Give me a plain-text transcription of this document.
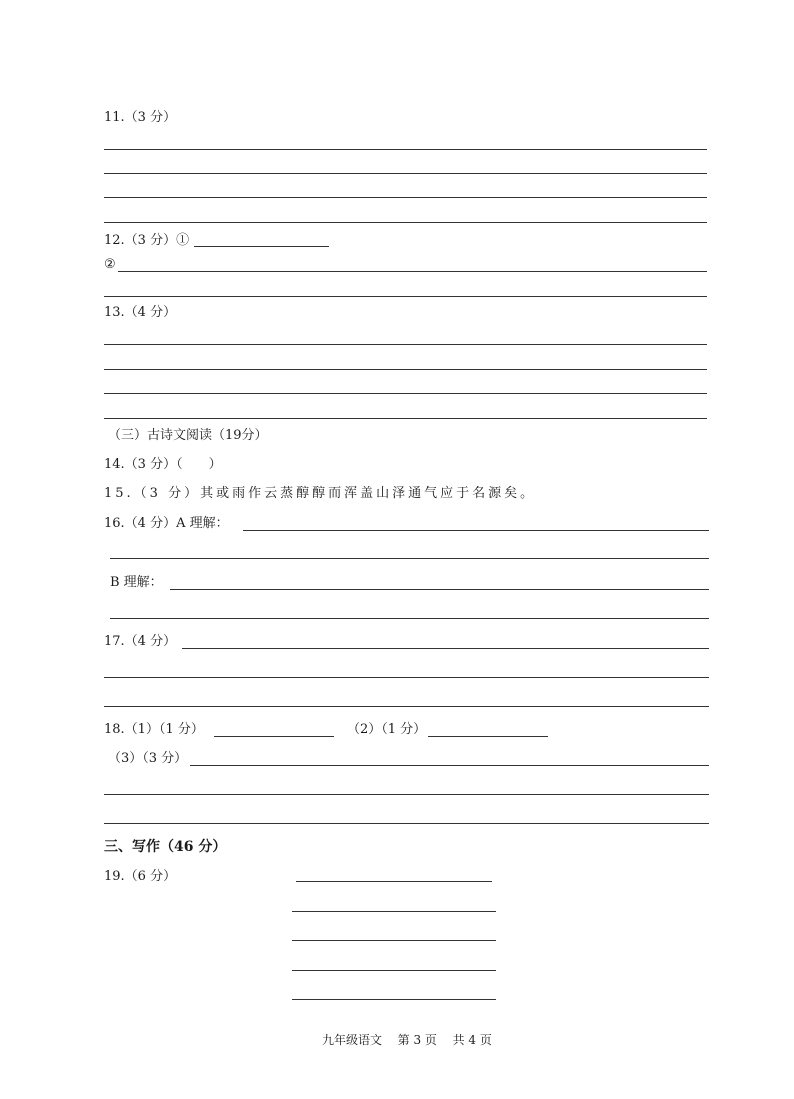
11.（3 分）
12.（3 分）①
②
13.（4 分）
（三）古诗文阅读（19分）
14.（3 分）（　　）
15.（3 分）其或雨作云蒸醇醇而浑盖山泽通气应于名源矣。
16.（4 分）A 理解：
B 理解：
17.（4 分）
18.（1）（1 分）	（2）（1 分）
（3）（3 分）
三、写作（46 分）
19.（6 分）
九年级语文 第 3 页 共 4 页
